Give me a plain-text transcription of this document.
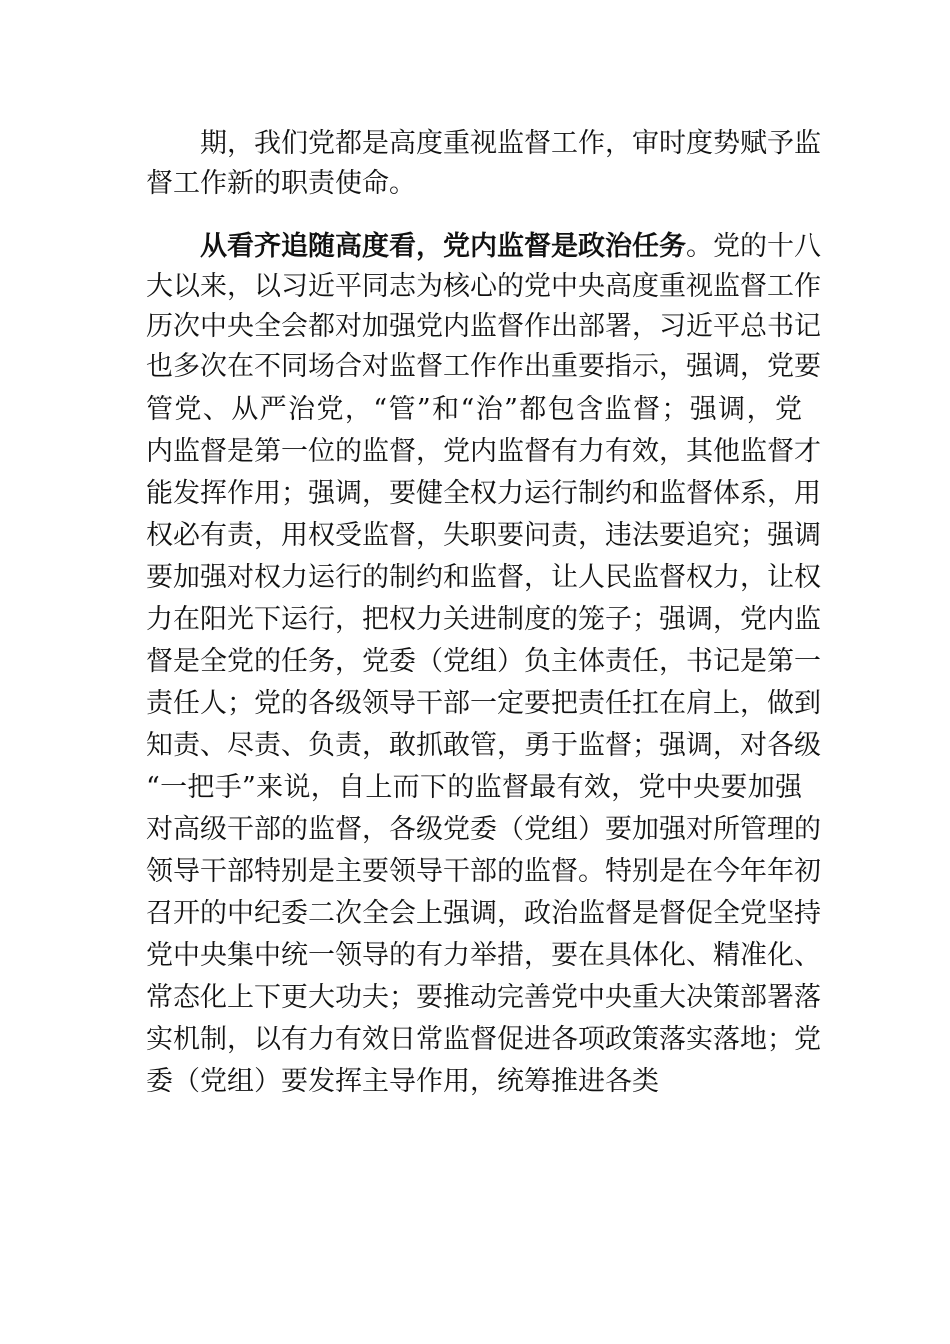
期，我们党都是高度重视监督工作，审时度势赋予监
督工作新的职责使命。
从看齐追随高度看，党内监督是政治任务。党的十八
大以来，以习近平同志为核心的党中央高度重视监督工作
历次中央全会都对加强党内监督作出部署，习近平总书记
也多次在不同场合对监督工作作出重要指示，强调，党要
管党、从严治党，“管”和“治”都包含监督；强调，党
内监督是第一位的监督，党内监督有力有效，其他监督才
能发挥作用；强调，要健全权力运行制约和监督体系，用
权必有责，用权受监督，失职要问责，违法要追究；强调
要加强对权力运行的制约和监督，让人民监督权力，让权
力在阳光下运行，把权力关进制度的笼子；强调，党内监
督是全党的任务，党委（党组）负主体责任，书记是第一
责任人；党的各级领导干部一定要把责任扛在肩上，做到
知责、尽责、负责，敢抓敢管，勇于监督；强调，对各级
“一把手”来说，自上而下的监督最有效，党中央要加强
对高级干部的监督，各级党委（党组）要加强对所管理的
领导干部特别是主要领导干部的监督。特别是在今年年初
召开的中纪委二次全会上强调，政治监督是督促全党坚持
党中央集中统一领导的有力举措，要在具体化、精准化、
常态化上下更大功夫；要推动完善党中央重大决策部署落
实机制，以有力有效日常监督促进各项政策落实落地；党
委（党组）要发挥主导作用，统筹推进各类
